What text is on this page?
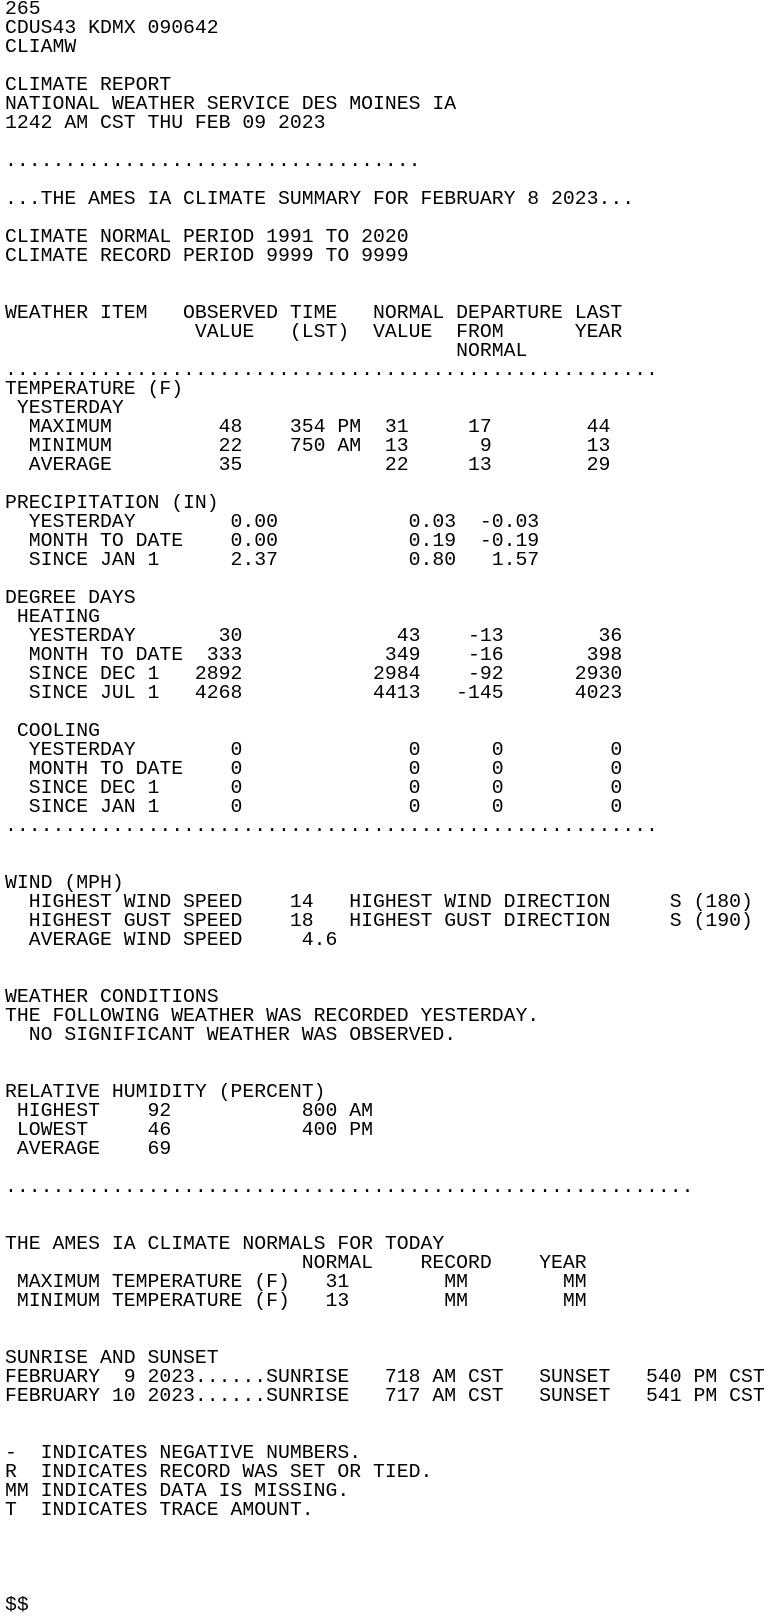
265
CDUS43 KDMX 090642
CLIAMW
CLIMATE REPORT
NATIONAL WEATHER SERVICE DES MOINES IA
1242 AM CST THU FEB 09 2023
...................................
...THE AMES IA CLIMATE SUMMARY FOR FEBRUARY 8 2023...
CLIMATE NORMAL PERIOD 1991 TO 2020
CLIMATE RECORD PERIOD 9999 TO 9999
WEATHER ITEM   OBSERVED TIME   NORMAL DEPARTURE LAST
VALUE   (LST)  VALUE  FROM      YEAR
NORMAL
.......................................................
TEMPERATURE (F)
YESTERDAY
MAXIMUM         48    354 PM  31     17        44
MINIMUM         22    750 AM  13      9        13
AVERAGE         35            22     13        29
PRECIPITATION (IN)
YESTERDAY        0.00           0.03  -0.03
MONTH TO DATE    0.00           0.19  -0.19
SINCE JAN 1      2.37           0.80   1.57
DEGREE DAYS
HEATING
YESTERDAY       30             43    -13        36
MONTH TO DATE  333            349    -16       398
SINCE DEC 1   2892           2984    -92      2930
SINCE JUL 1   4268           4413   -145      4023
COOLING
YESTERDAY        0              0      0         0
MONTH TO DATE    0              0      0         0
SINCE DEC 1      0              0      0         0
SINCE JAN 1      0              0      0         0
.......................................................
WIND (MPH)
HIGHEST WIND SPEED    14   HIGHEST WIND DIRECTION     S (180)
HIGHEST GUST SPEED    18   HIGHEST GUST DIRECTION     S (190)
AVERAGE WIND SPEED     4.6
WEATHER CONDITIONS
THE FOLLOWING WEATHER WAS RECORDED YESTERDAY.
NO SIGNIFICANT WEATHER WAS OBSERVED.
RELATIVE HUMIDITY (PERCENT)
HIGHEST    92           800 AM
LOWEST     46           400 PM
AVERAGE    69
..........................................................
THE AMES IA CLIMATE NORMALS FOR TODAY
NORMAL    RECORD    YEAR
MAXIMUM TEMPERATURE (F)   31        MM        MM
MINIMUM TEMPERATURE (F)   13        MM        MM
SUNRISE AND SUNSET
FEBRUARY  9 2023......SUNRISE   718 AM CST   SUNSET   540 PM CST
FEBRUARY 10 2023......SUNRISE   717 AM CST   SUNSET   541 PM CST
-  INDICATES NEGATIVE NUMBERS.
R  INDICATES RECORD WAS SET OR TIED.
MM INDICATES DATA IS MISSING.
T  INDICATES TRACE AMOUNT.
$$
